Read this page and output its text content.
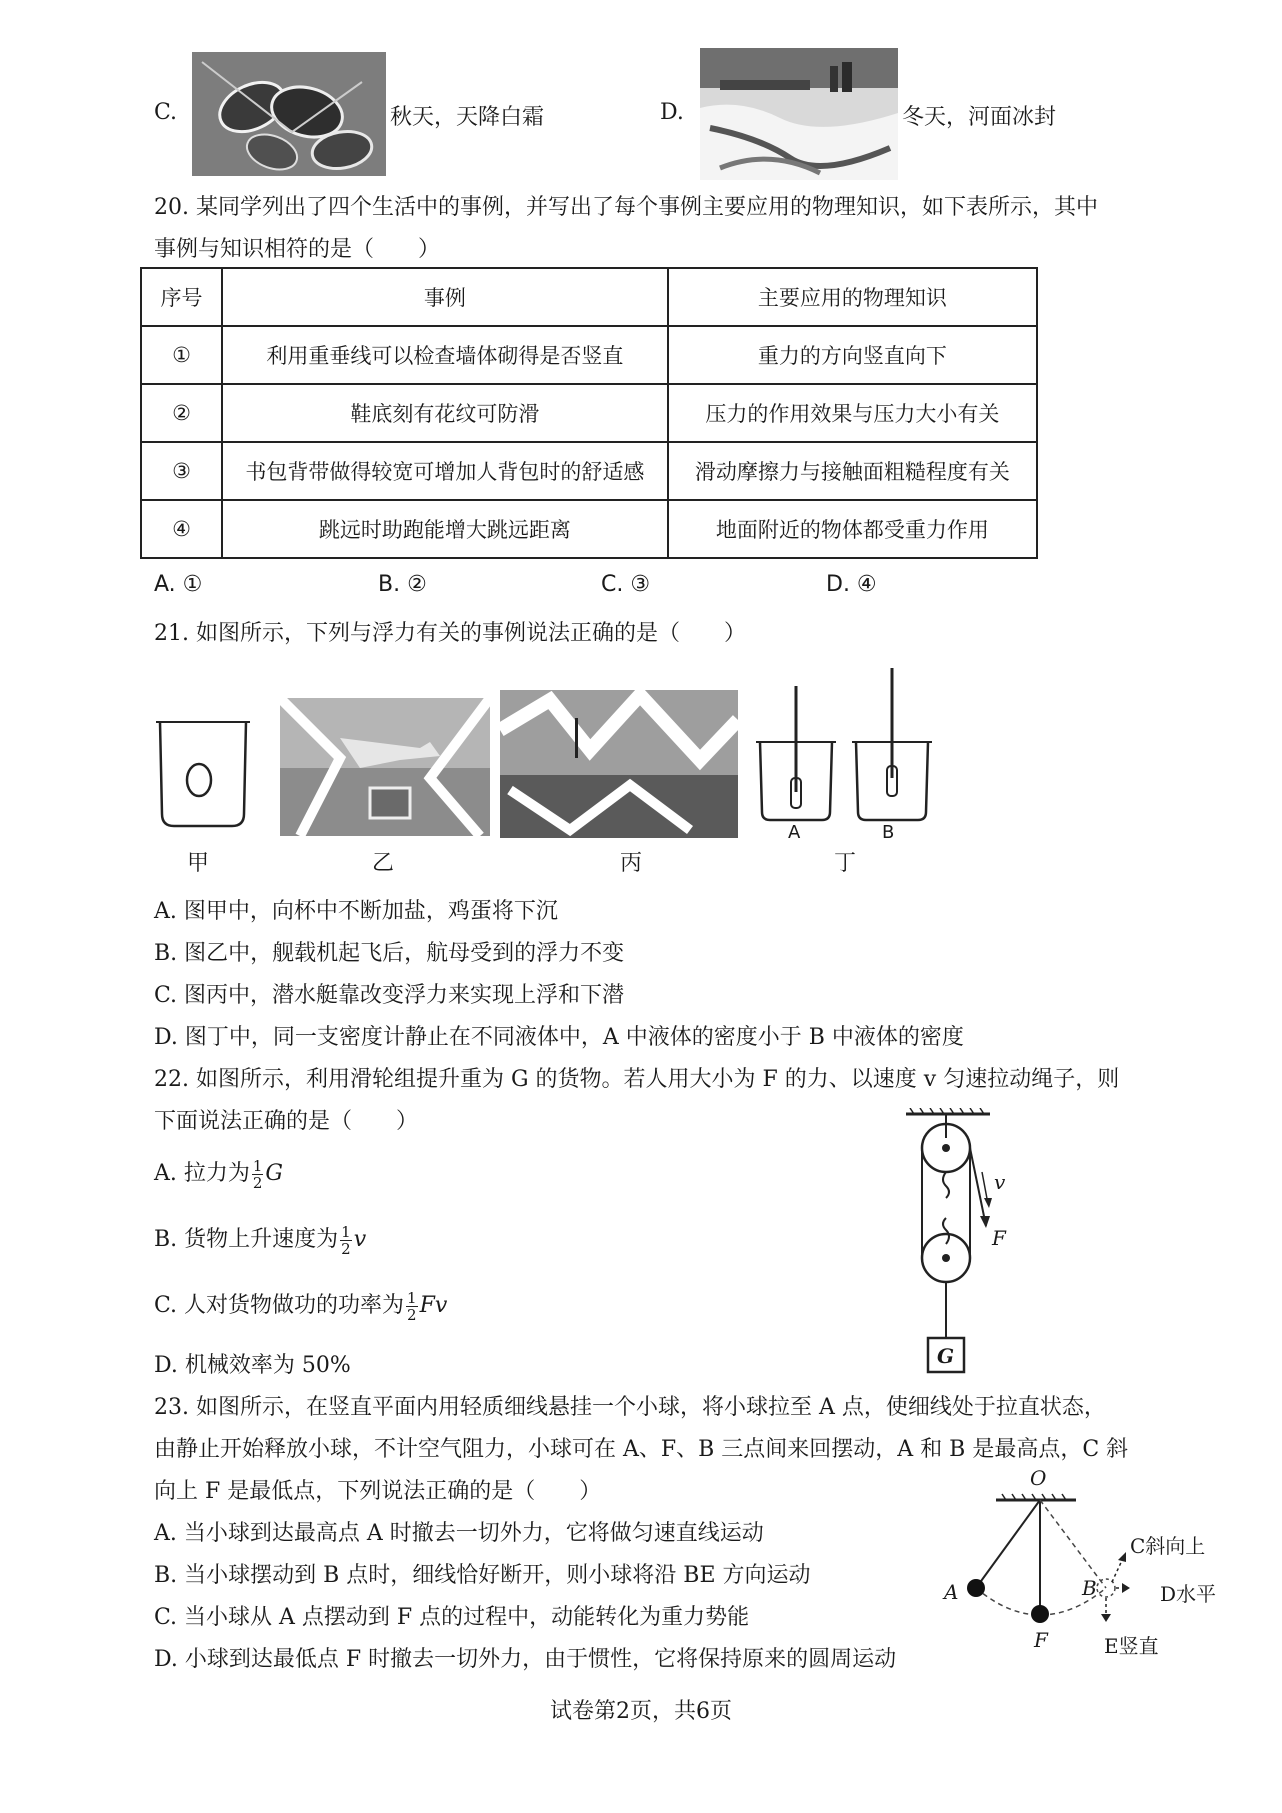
C.	秋天，天降白霜	D.	冬天，河面冰封
20. 某同学列出了四个生活中的事例，并写出了每个事例主要应用的物理知识，如下表所示，其中
事例与知识相符的是（　　）
序号	事例	主要应用的物理知识
①	利用重垂线可以检查墙体砌得是否竖直	重力的方向竖直向下
②	鞋底刻有花纹可防滑	压力的作用效果与压力大小有关
③	书包背带做得较宽可增加人背包时的舒适感	滑动摩擦力与接触面粗糙程度有关
④	跳远时助跑能增大跳远距离	地面附近的物体都受重力作用
A. ①	B. ②	C. ③	D. ④
21. 如图所示，下列与浮力有关的事例说法正确的是（　　）
A	B
甲	乙	丙	丁
A. 图甲中，向杯中不断加盐，鸡蛋将下沉
B. 图乙中，舰载机起飞后，航母受到的浮力不变
C. 图丙中，潜水艇靠改变浮力来实现上浮和下潜
D. 图丁中，同一支密度计静止在不同液体中，A 中液体的密度小于 B 中液体的密度
22. 如图所示，利用滑轮组提升重为 G 的货物。若人用大小为 F 的力、以速度 v 匀速拉动绳子，则
下面说法正确的是（　　）
A. 拉力为 $\frac{1}{2}$ G
B. 货物上升速度为 $\frac{1}{2}$ v
C. 人对货物做功的功率为 $\frac{1}{2}$ Fv
D. 机械效率为 50%
v
F
G
23. 如图所示，在竖直平面内用轻质细线悬挂一个小球，将小球拉至 A 点，使细线处于拉直状态，
由静止开始释放小球，不计空气阻力，小球可在 A、F、B 三点间来回摆动，A 和 B 是最高点，C 斜
向上 F 是最低点，下列说法正确的是（　　）
A. 当小球到达最高点 A 时撤去一切外力，它将做匀速直线运动
B. 当小球摆动到 B 点时，细线恰好断开，则小球将沿 BE 方向运动
C. 当小球从 A 点摆动到 F 点的过程中，动能转化为重力势能
D. 小球到达最低点 F 时撤去一切外力，由于惯性，它将保持原来的圆周运动
O
A	B
F
C斜向上
D水平
E竖直
试卷第2页，共6页
